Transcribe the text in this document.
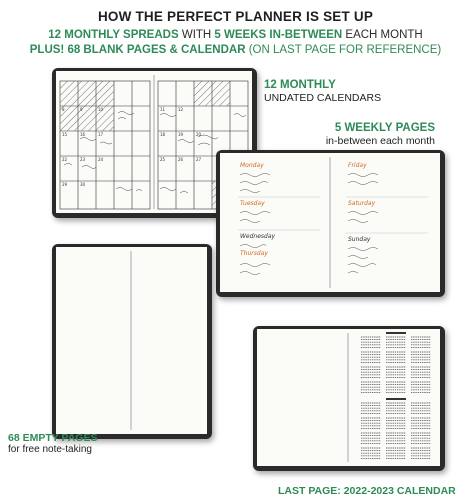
HOW THE PERFECT PLANNER IS SET UP
12 MONTHLY SPREADS WITH 5 WEEKS IN-BETWEEN EACH MONTH
PLUS! 68 BLANK PAGES & CALENDAR (ON LAST PAGE FOR REFERENCE)
8	9	10
15	16	17
22	23	24
29	30
11	12
18	19	20
25	26	27
12 MONTHLY
UNDATED CALENDARS
5 WEEKLY PAGES
in-between each month
Monday
Tuesday
Thursday
Friday
Saturday
Wednesday	Sunday
68 EMPTY PAGES
for free note-taking
LAST PAGE: 2022-2023 CALENDAR
